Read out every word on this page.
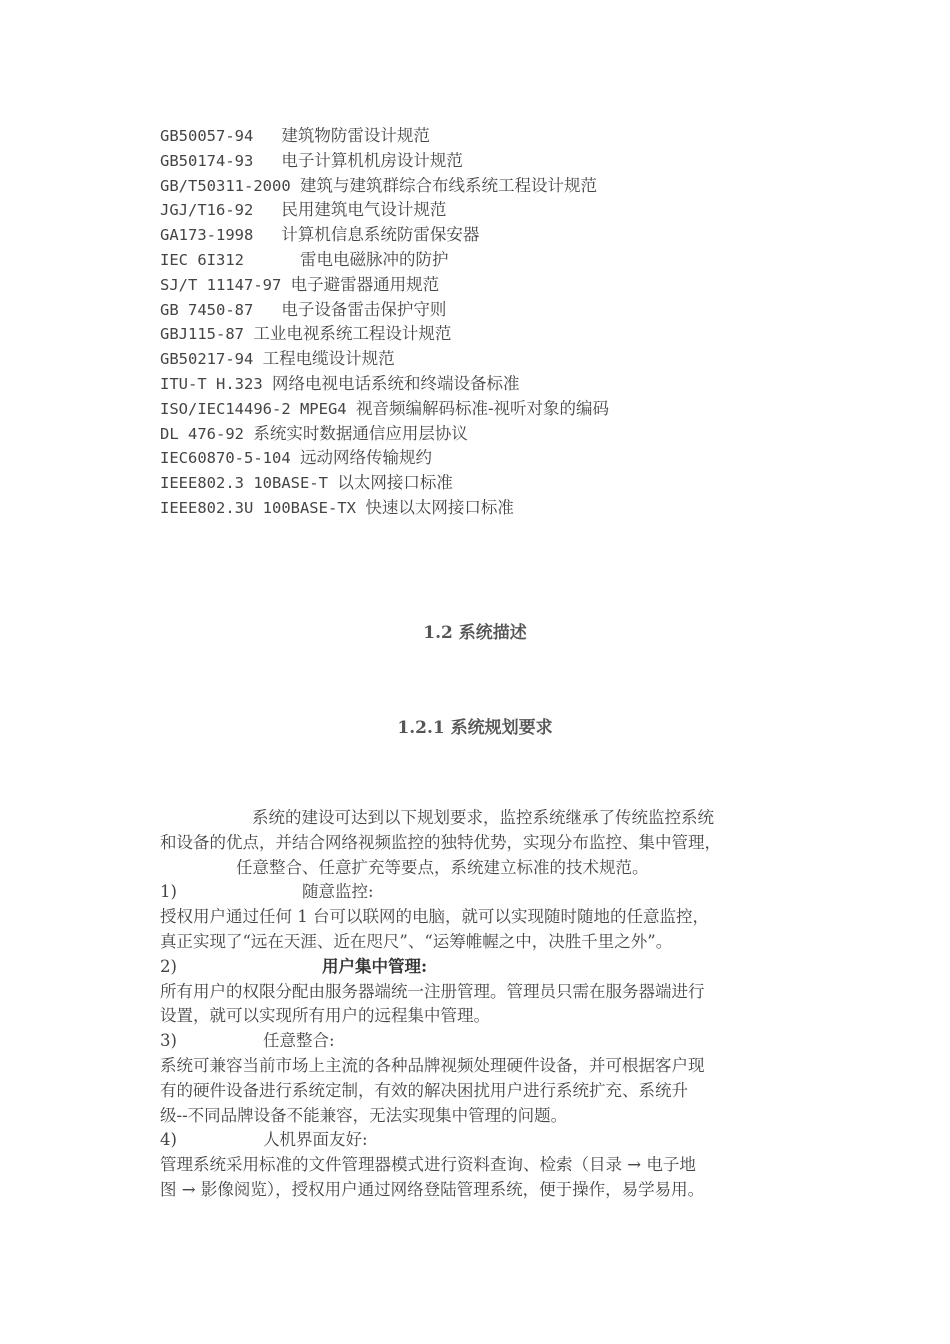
GB50057-94   建筑物防雷设计规范
GB50174-93   电子计算机机房设计规范
GB/T50311-2000 建筑与建筑群综合布线系统工程设计规范
JGJ/T16-92   民用建筑电气设计规范
GA173-1998   计算机信息系统防雷保安器
IEC 6I312      雷电电磁脉冲的防护
SJ/T 11147-97 电子避雷器通用规范
GB 7450-87   电子设备雷击保护守则
GBJ115-87 工业电视系统工程设计规范
GB50217-94 工程电缆设计规范
ITU-T H.323 网络电视电话系统和终端设备标准
ISO/IEC14496-2 MPEG4 视音频编解码标准-视听对象的编码
DL 476-92 系统实时数据通信应用层协议
IEC60870-5-104 远动网络传输规约
IEEE802.3 10BASE-T 以太网接口标准
IEEE802.3U 100BASE-TX 快速以太网接口标准
1.2 系统描述
1.2.1 系统规划要求
系统的建设可达到以下规划要求，监控系统继承了传统监控系统
和设备的优点，并结合网络视频监控的独特优势，实现分布监控、集中管理，
任意整合、任意扩充等要点，系统建立标准的技术规范。
1)	随意监控:
授权用户通过任何 1 台可以联网的电脑，就可以实现随时随地的任意监控，
真正实现了“远在天涯、近在咫尺”、“运筹帷幄之中，决胜千里之外”。
2)	用户集中管理:
所有用户的权限分配由服务器端统一注册管理。管理员只需在服务器端进行
设置，就可以实现所有用户的远程集中管理。
3)	任意整合:
系统可兼容当前市场上主流的各种品牌视频处理硬件设备，并可根据客户现
有的硬件设备进行系统定制，有效的解决困扰用户进行系统扩充、系统升
级--不同品牌设备不能兼容，无法实现集中管理的问题。
4)	人机界面友好:
管理系统采用标准的文件管理器模式进行资料查询、检索（目录 → 电子地
图 → 影像阅览），授权用户通过网络登陆管理系统，便于操作，易学易用。
